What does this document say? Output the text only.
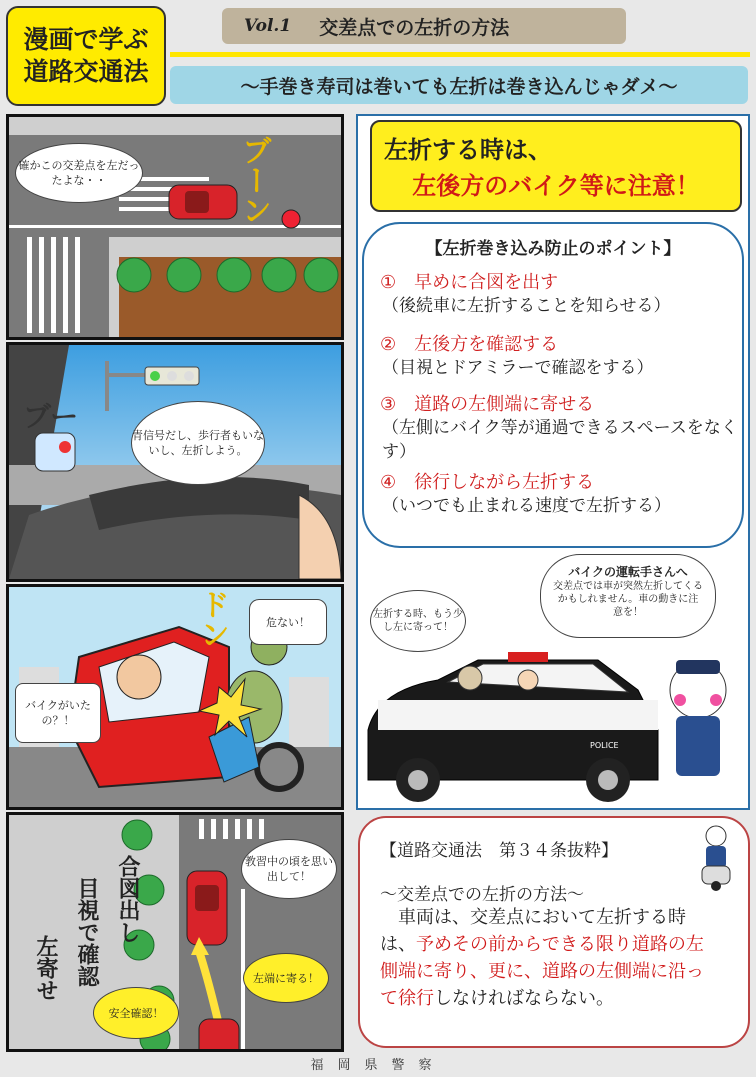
漫画で学ぶ
道路交通法
Vol.1 交差点での左折の方法
～手巻き寿司は巻いても左折は巻き込んじゃダメ～
確かこの交差点を左だったよな・・	ブーン
ブー
青信号だし、歩行者もいないし、左折しよう。
バイクがいたの？！
危ない！
ドン
合図出し
目視で確認
左寄せ
教習中の頃を思い出して！
左端に寄る！
安全確認！
左折する時は、
左後方のバイク等に注意！
【左折巻き込み防止のポイント】
①　早めに合図を出す
（後続車に左折することを知らせる）
②　左後方を確認する
（目視とドアミラーで確認をする）
③　道路の左側端に寄せる
（左側にバイク等が通過できるスペースをなくす）
④　徐行しながら左折する
（いつでも止まれる速度で左折する）
POLICE
左折する時、もう少し左に寄って！
バイクの運転手さんへ
交差点では車が突然左折してくるかもしれません。車の動きに注意を！
【道路交通法　第３４条抜粋】
～交差点での左折の方法～
　車両は、交差点において左折する時は、予めその前からできる限り道路の左側端に寄り、更に、道路の左側端に沿って徐行しなければならない。
福岡県警察
